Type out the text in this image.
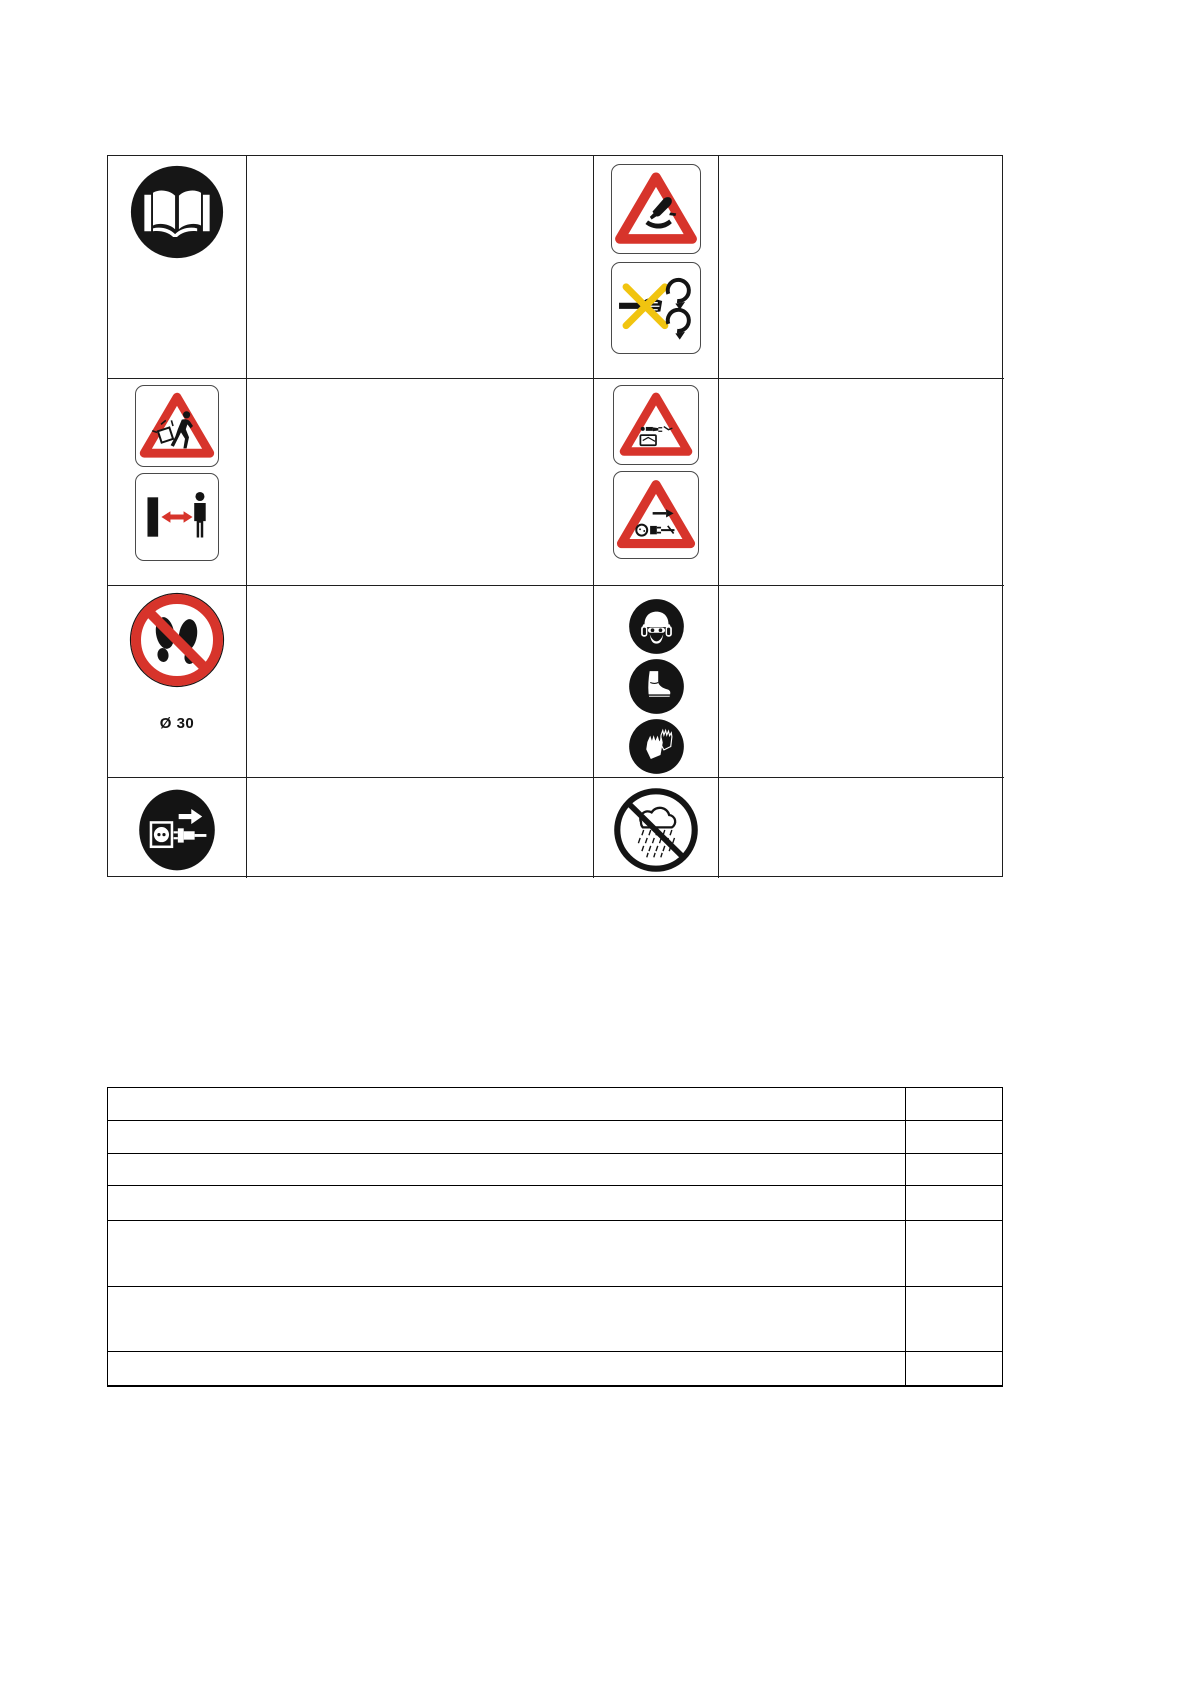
Ø 30
